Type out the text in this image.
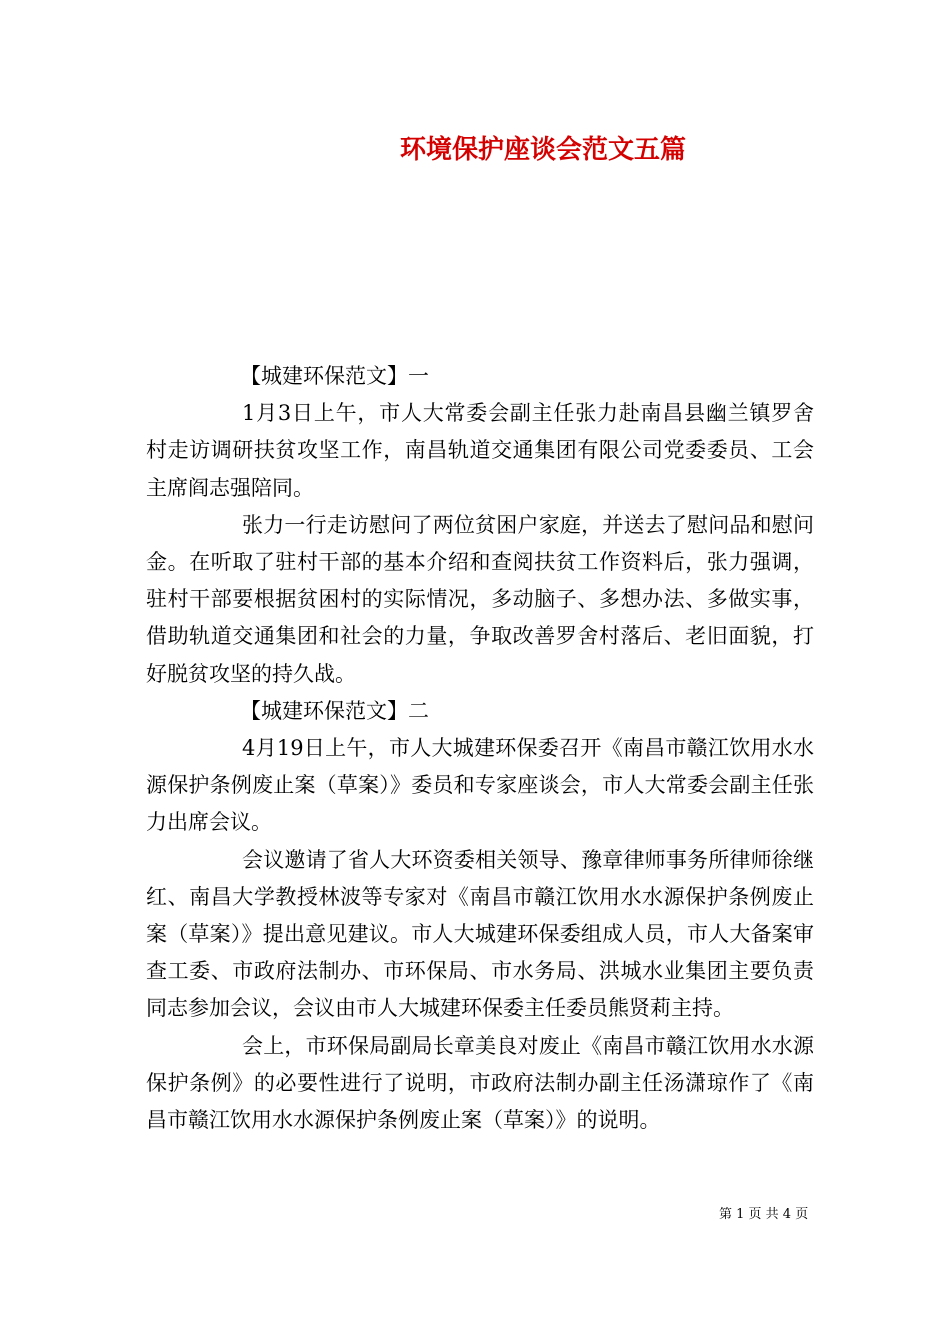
环境保护座谈会范文五篇

【城建环保范文】一

1月3日上午，市人大常委会副主任张力赴南昌县幽兰镇罗舍村走访调研扶贫攻坚工作，南昌轨道交通集团有限公司党委委员、工会主席阎志强陪同。

张力一行走访慰问了两位贫困户家庭，并送去了慰问品和慰问金。在听取了驻村干部的基本介绍和查阅扶贫工作资料后，张力强调，驻村干部要根据贫困村的实际情况，多动脑子、多想办法、多做实事，借助轨道交通集团和社会的力量，争取改善罗舍村落后、老旧面貌，打好脱贫攻坚的持久战。

【城建环保范文】二

4月19日上午，市人大城建环保委召开《南昌市赣江饮用水水源保护条例废止案（草案）》委员和专家座谈会，市人大常委会副主任张力出席会议。

会议邀请了省人大环资委相关领导、豫章律师事务所律师徐继红、南昌大学教授林波等专家对《南昌市赣江饮用水水源保护条例废止案（草案）》提出意见建议。市人大城建环保委组成人员，市人大备案审查工委、市政府法制办、市环保局、市水务局、洪城水业集团主要负责同志参加会议，会议由市人大城建环保委主任委员熊贤莉主持。

会上，市环保局副局长章美良对废止《南昌市赣江饮用水水源保护条例》的必要性进行了说明，市政府法制办副主任汤潇琼作了《南昌市赣江饮用水水源保护条例废止案（草案）》的说明。

第 1 页 共 4 页
